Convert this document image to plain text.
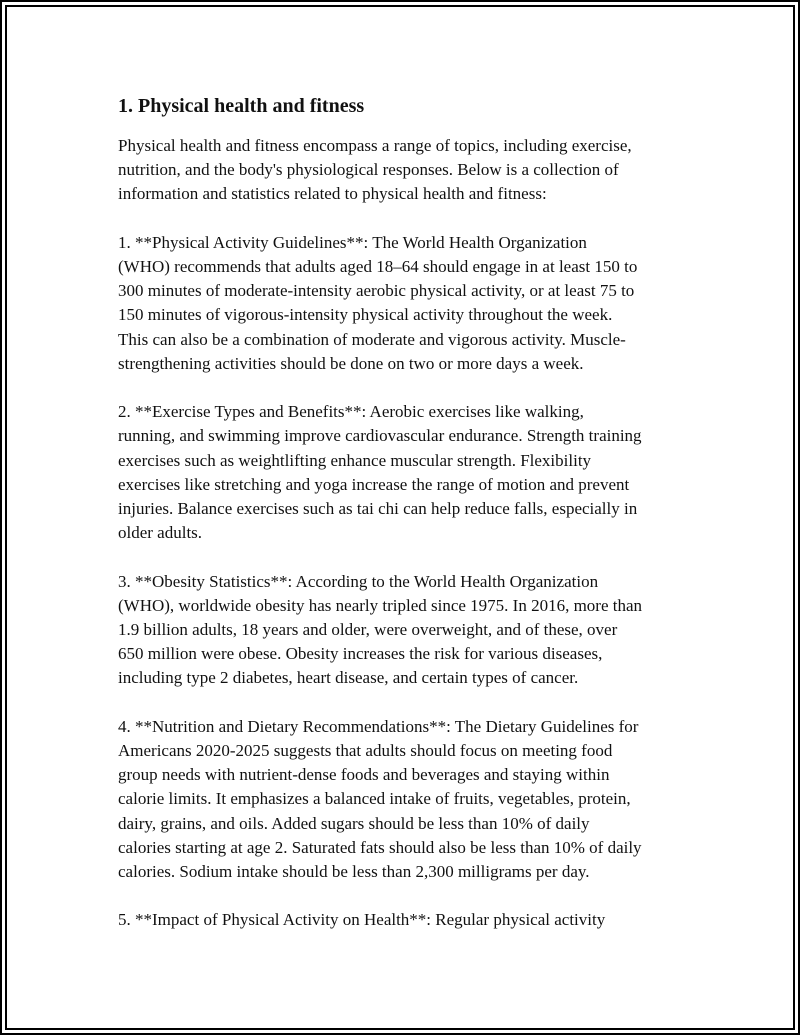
1. Physical health and fitness
Physical health and fitness encompass a range of topics, including exercise,
nutrition, and the body's physiological responses. Below is a collection of
information and statistics related to physical health and fitness:
1. **Physical Activity Guidelines**: The World Health Organization
(WHO) recommends that adults aged 18–64 should engage in at least 150 to
300 minutes of moderate-intensity aerobic physical activity, or at least 75 to
150 minutes of vigorous-intensity physical activity throughout the week.
This can also be a combination of moderate and vigorous activity. Muscle-
strengthening activities should be done on two or more days a week.
2. **Exercise Types and Benefits**: Aerobic exercises like walking,
running, and swimming improve cardiovascular endurance. Strength training
exercises such as weightlifting enhance muscular strength. Flexibility
exercises like stretching and yoga increase the range of motion and prevent
injuries. Balance exercises such as tai chi can help reduce falls, especially in
older adults.
3. **Obesity Statistics**: According to the World Health Organization
(WHO), worldwide obesity has nearly tripled since 1975. In 2016, more than
1.9 billion adults, 18 years and older, were overweight, and of these, over
650 million were obese. Obesity increases the risk for various diseases,
including type 2 diabetes, heart disease, and certain types of cancer.
4. **Nutrition and Dietary Recommendations**: The Dietary Guidelines for
Americans 2020-2025 suggests that adults should focus on meeting food
group needs with nutrient-dense foods and beverages and staying within
calorie limits. It emphasizes a balanced intake of fruits, vegetables, protein,
dairy, grains, and oils. Added sugars should be less than 10% of daily
calories starting at age 2. Saturated fats should also be less than 10% of daily
calories. Sodium intake should be less than 2,300 milligrams per day.
5. **Impact of Physical Activity on Health**: Regular physical activity
